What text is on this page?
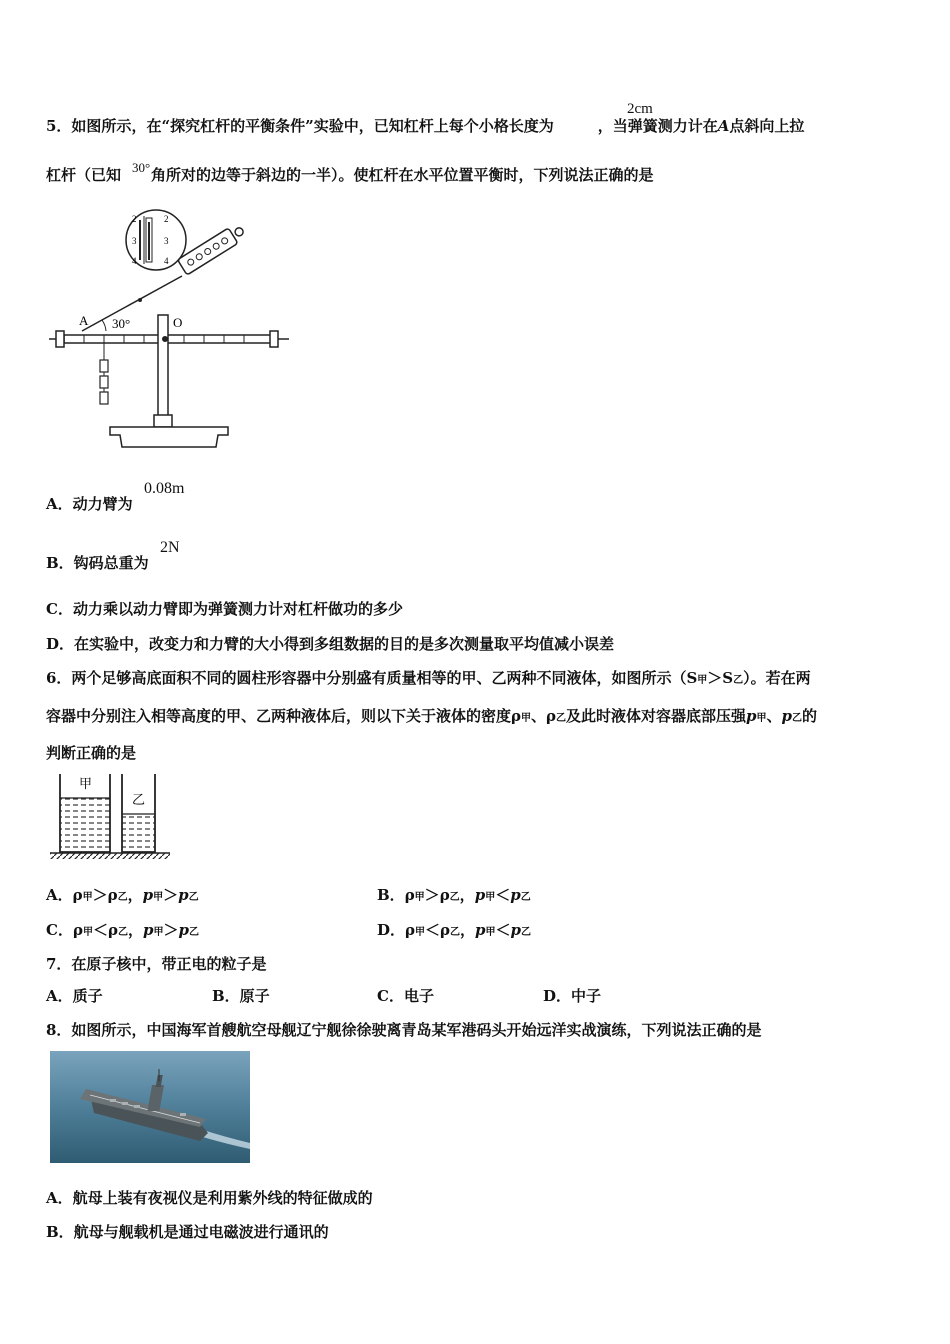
5．如图所示，在“探究杠杆的平衡条件”实验中，已知杠杆上每个小格长度为	，当弹簧测力计在A点斜向上拉
2cm
杠杆（已知 角所对的边等于斜边的一半）。使杠杆在水平位置平衡时，下列说法正确的是
30°
2	2
3	3
4	4
A 30°	O
A．动力臂为
0.08m
B．钩码总重为
2N
C．动力乘以动力臂即为弹簧测力计对杠杆做功的多少
D．在实验中，改变力和力臂的大小得到多组数据的目的是多次测量取平均值减小误差
6．两个足够高底面积不同的圆柱形容器中分别盛有质量相等的甲、乙两种不同液体，如图所示（S甲＞S乙）。若在两
容器中分别注入相等高度的甲、乙两种液体后，则以下关于液体的密度ρ甲、ρ乙及此时液体对容器底部压强p甲、p乙的
判断正确的是
甲
乙
A．ρ甲＞ρ乙，p甲＞p乙	B．ρ甲＞ρ乙，p甲＜p乙
C．ρ甲＜ρ乙，p甲＞p乙	D．ρ甲＜ρ乙，p甲＜p乙
7．在原子核中，带正电的粒子是
A．质子	B．原子	C．电子	D．中子
8．如图所示，中国海军首艘航空母舰辽宁舰徐徐驶离青岛某军港码头开始远洋实战演练，下列说法正确的是
A．航母上装有夜视仪是利用紫外线的特征做成的
B．航母与舰载机是通过电磁波进行通讯的
